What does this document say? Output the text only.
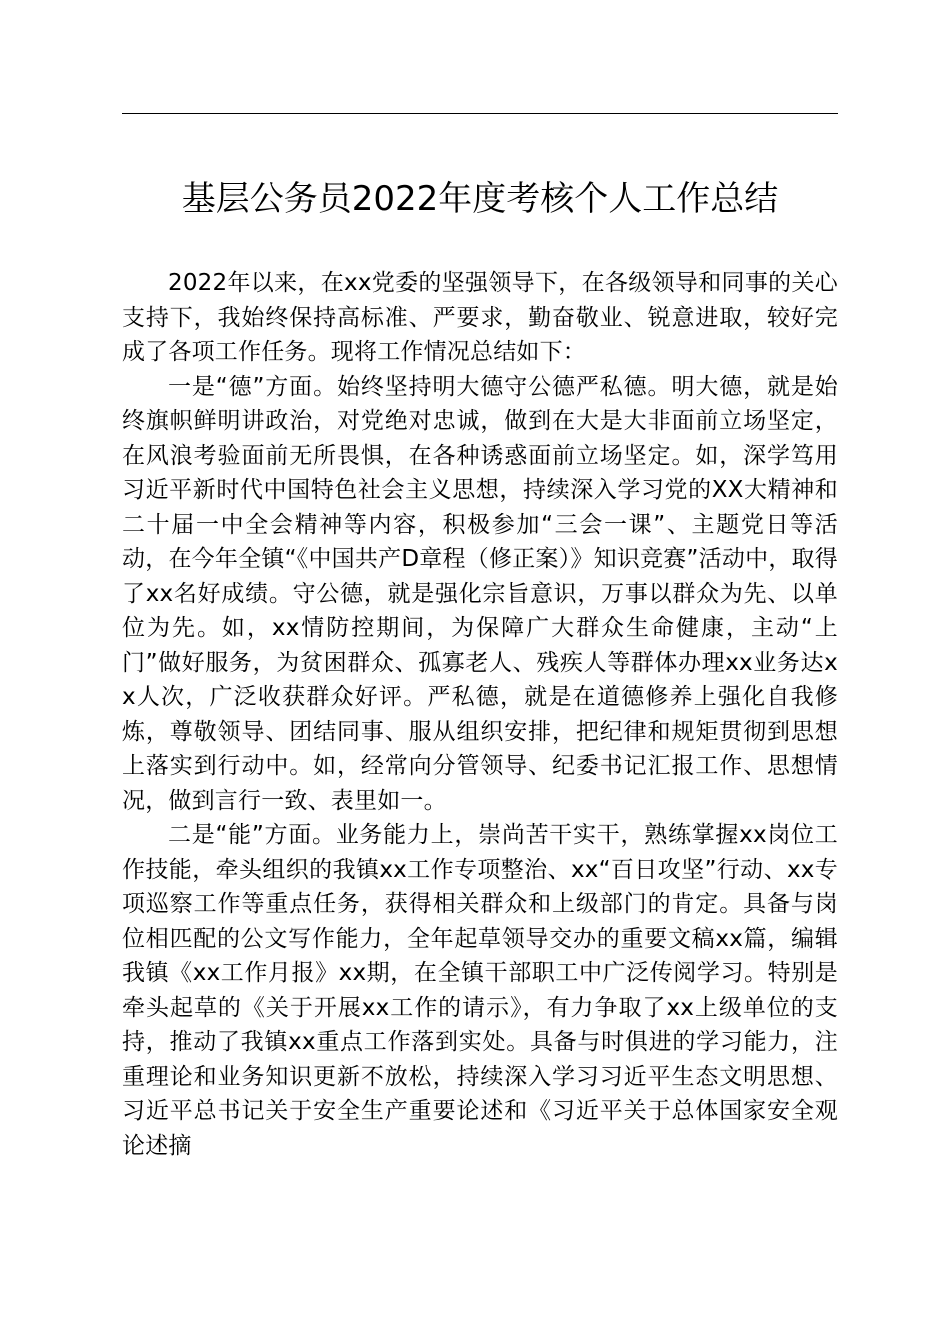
基层公务员2022年度考核个人工作总结

2022年以来，在xx党委的坚强领导下，在各级领导和同事的关心支持下，我始终保持高标准、严要求，勤奋敬业、锐意进取，较好完成了各项工作任务。现将工作情况总结如下：

一是“德”方面。始终坚持明大德守公德严私德。明大德，就是始终旗帜鲜明讲政治，对党绝对忠诚，做到在大是大非面前立场坚定，在风浪考验面前无所畏惧，在各种诱惑面前立场坚定。如，深学笃用习近平新时代中国特色社会主义思想，持续深入学习党的XX大精神和二十届一中全会精神等内容，积极参加“三会一课”、主题党日等活动，在今年全镇“《中国共产D章程（修正案）》知识竞赛”活动中，取得了xx名好成绩。守公德，就是强化宗旨意识，万事以群众为先、以单位为先。如，xx情防控期间，为保障广大群众生命健康，主动“上门”做好服务，为贫困群众、孤寡老人、残疾人等群体办理xx业务达xx人次，广泛收获群众好评。严私德，就是在道德修养上强化自我修炼，尊敬领导、团结同事、服从组织安排，把纪律和规矩贯彻到思想上落实到行动中。如，经常向分管领导、纪委书记汇报工作、思想情况，做到言行一致、表里如一。

二是“能”方面。业务能力上，崇尚苦干实干，熟练掌握xx岗位工作技能，牵头组织的我镇xx工作专项整治、xx“百日攻坚”行动、xx专项巡察工作等重点任务，获得相关群众和上级部门的肯定。具备与岗位相匹配的公文写作能力，全年起草领导交办的重要文稿xx篇，编辑我镇《xx工作月报》xx期，在全镇干部职工中广泛传阅学习。特别是牵头起草的《关于开展xx工作的请示》，有力争取了xx上级单位的支持，推动了我镇xx重点工作落到实处。具备与时俱进的学习能力，注重理论和业务知识更新不放松，持续深入学习习近平生态文明思想、习近平总书记关于安全生产重要论述和《习近平关于总体国家安全观论述摘
